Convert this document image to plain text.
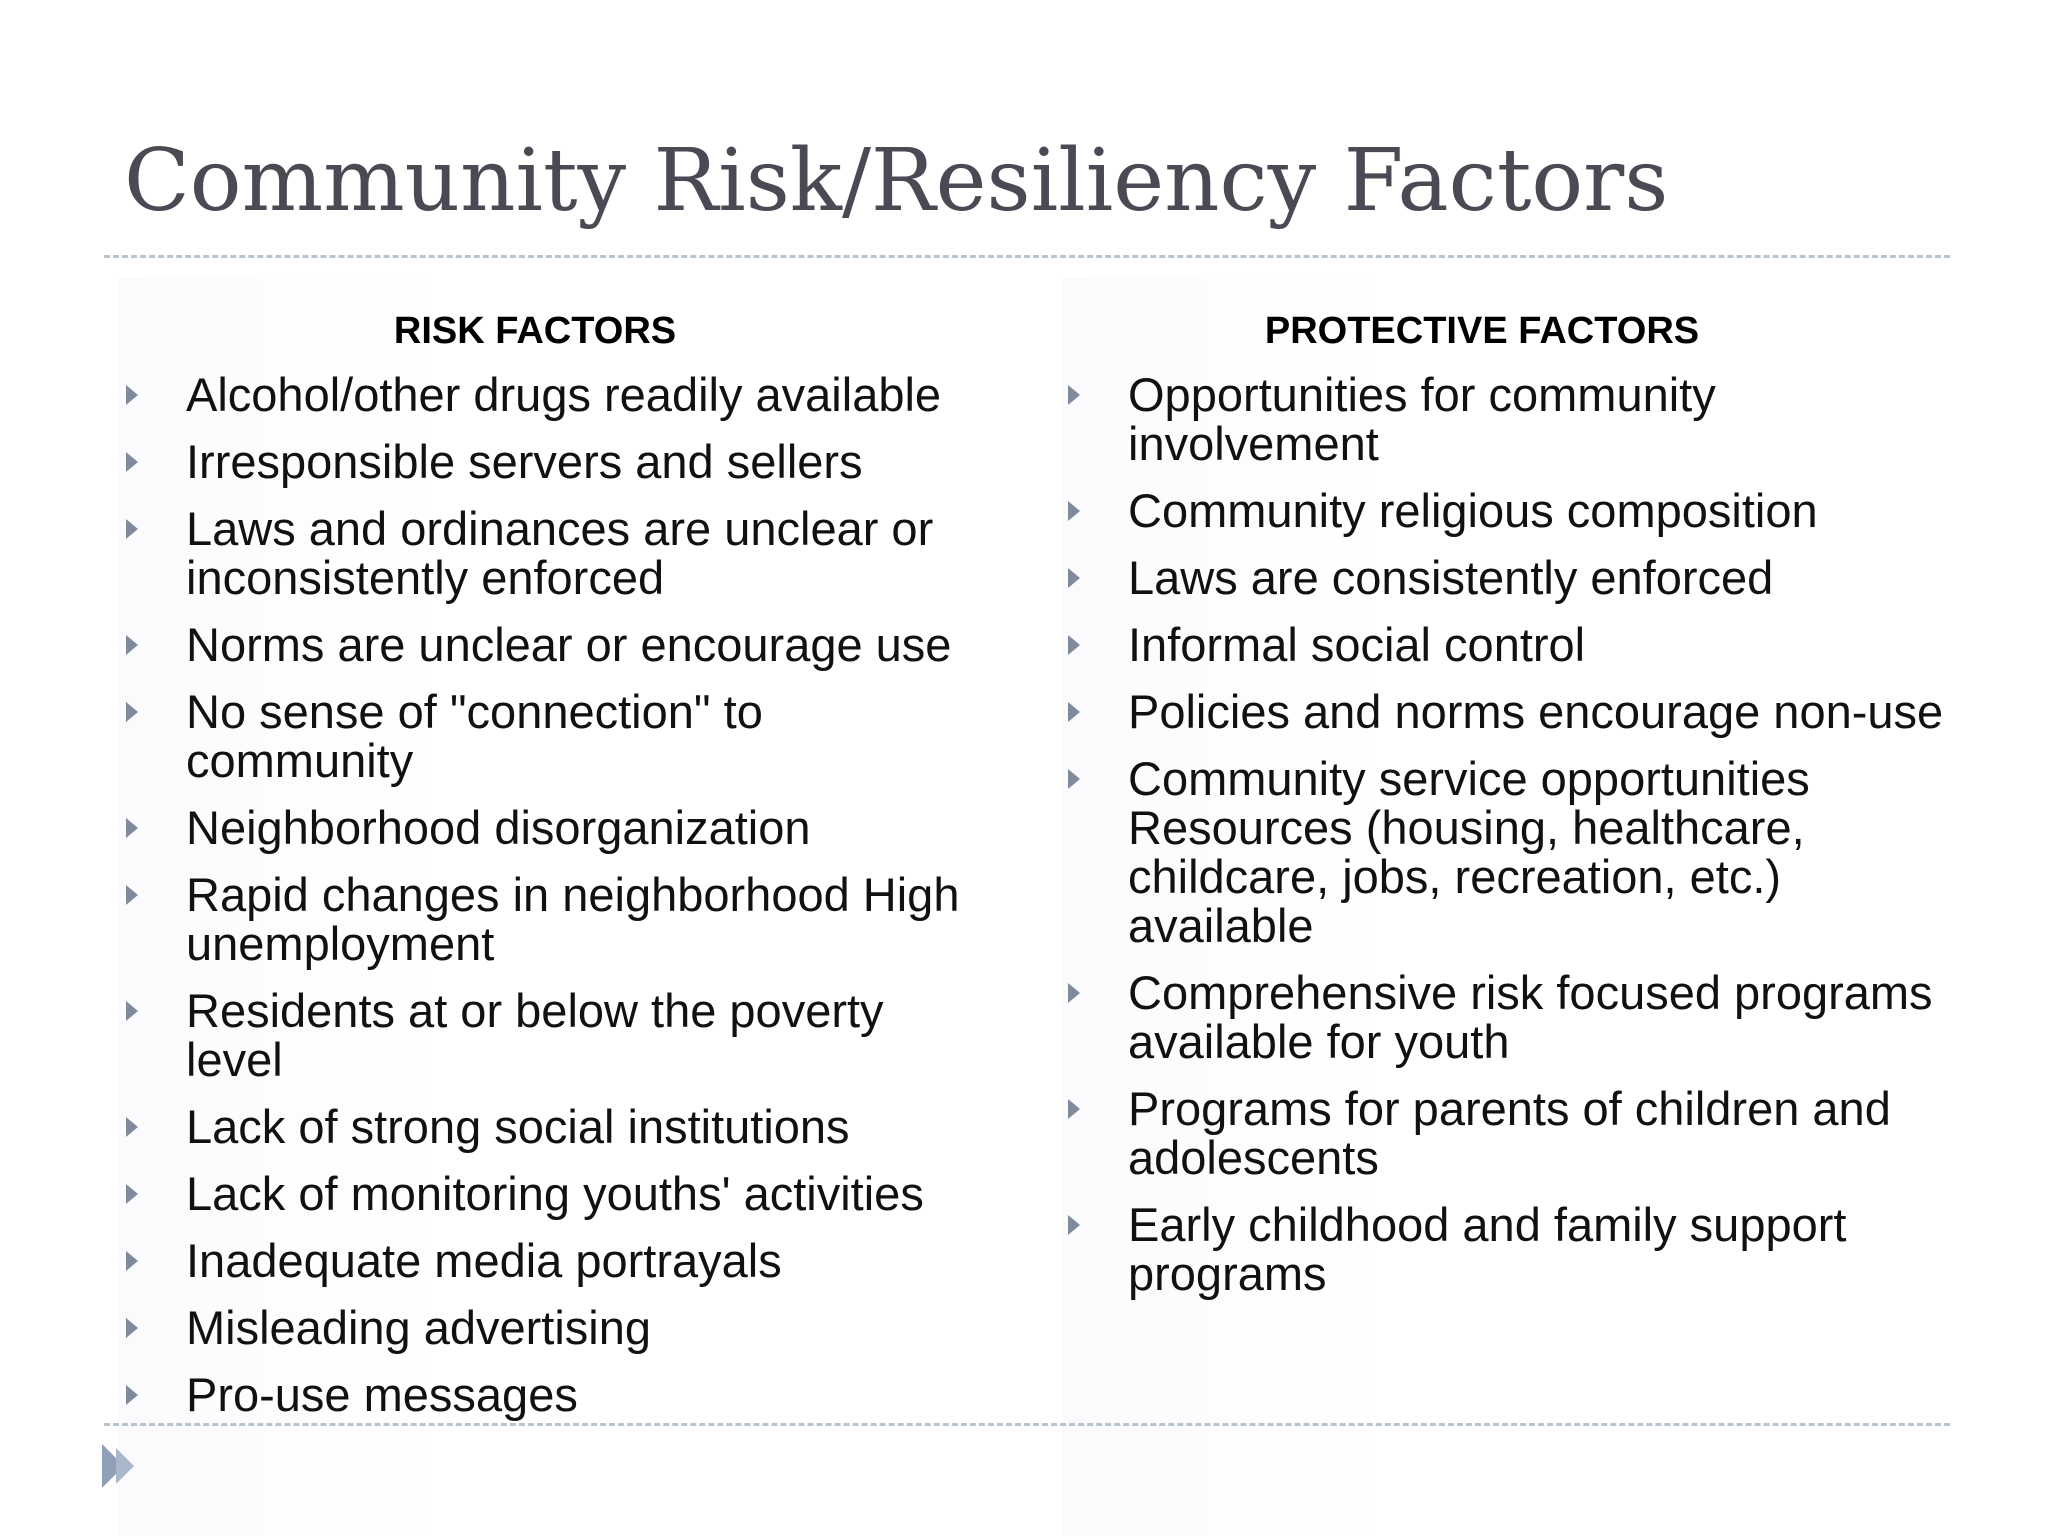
Community Risk/Resiliency Factors
RISK FACTORS
Alcohol/other drugs readily available
Irresponsible servers and sellers
Laws and ordinances are unclear or inconsistently enforced
Norms are unclear or encourage use
No sense of "connection" to community
Neighborhood disorganization
Rapid changes in neighborhood High unemployment
Residents at or below the poverty level
Lack of strong social institutions
Lack of monitoring youths' activities
Inadequate media portrayals
Misleading advertising
Pro-use messages
PROTECTIVE FACTORS
Opportunities for community involvement
Community religious composition
Laws are consistently enforced
Informal social control
Policies and norms encourage non-use
Community service opportunities Resources (housing, healthcare, childcare, jobs, recreation, etc.) available
Comprehensive risk focused programs available for youth
Programs for parents of children and adolescents
Early childhood and family support programs
